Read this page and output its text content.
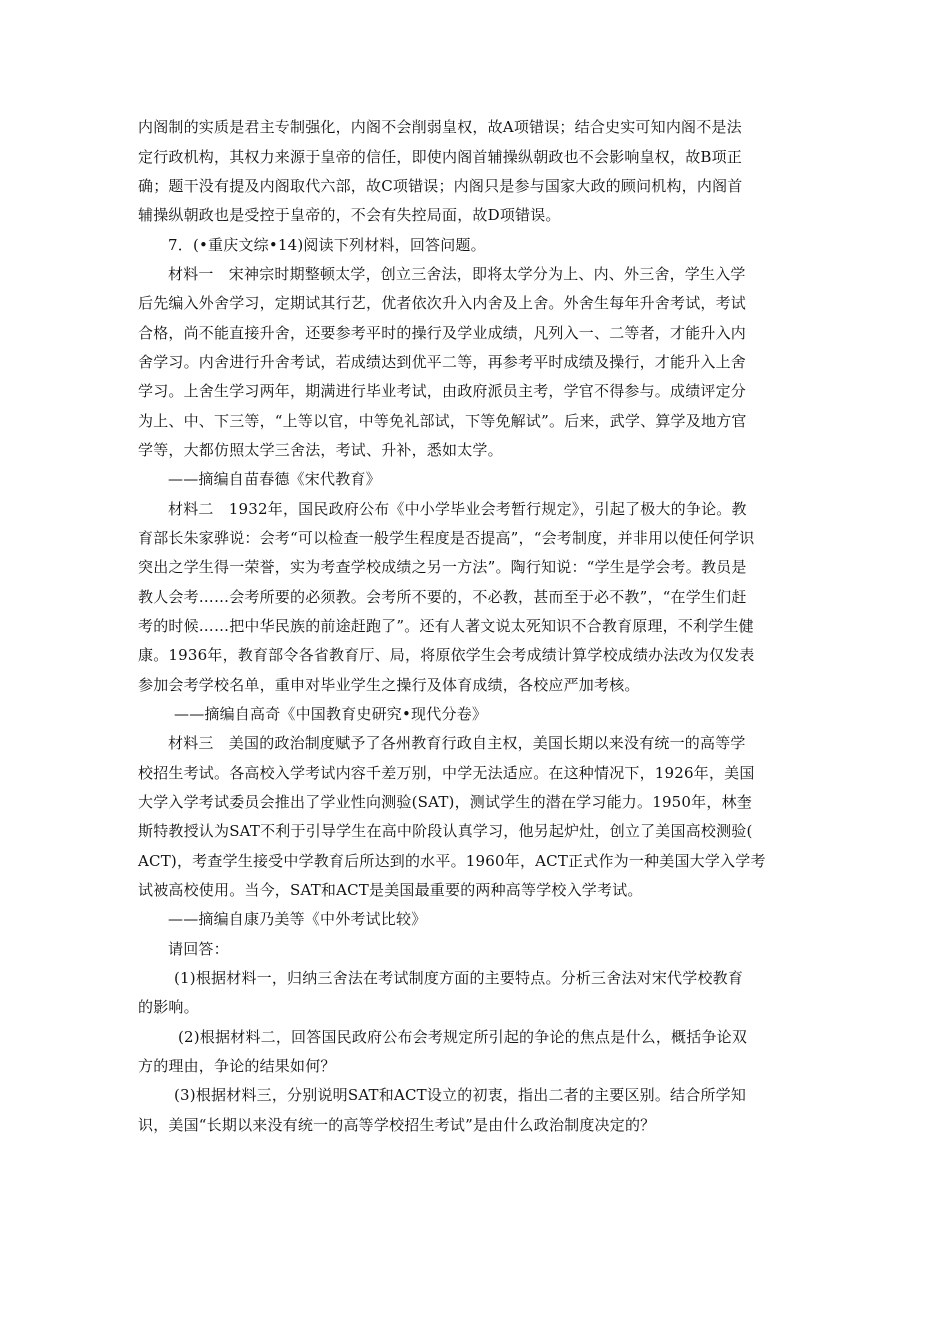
内阁制的实质是君主专制强化，内阁不会削弱皇权，故A项错误；结合史实可知内阁不是法
定行政机构，其权力来源于皇帝的信任，即使内阁首辅操纵朝政也不会影响皇权，故B项正
确；题干没有提及内阁取代六部，故C项错误；内阁只是参与国家大政的顾问机构，内阁首
辅操纵朝政也是受控于皇帝的，不会有失控局面，故D项错误。
7．(•重庆文综•14)阅读下列材料，回答问题。
材料一　宋神宗时期整顿太学，创立三舍法，即将太学分为上、内、外三舍，学生入学
后先编入外舍学习，定期试其行艺，优者依次升入内舍及上舍。外舍生每年升舍考试，考试
合格，尚不能直接升舍，还要参考平时的操行及学业成绩，凡列入一、二等者，才能升入内
舍学习。内舍进行升舍考试，若成绩达到优平二等，再参考平时成绩及操行，才能升入上舍
学习。上舍生学习两年，期满进行毕业考试，由政府派员主考，学官不得参与。成绩评定分
为上、中、下三等，“上等以官，中等免礼部试，下等免解试”。后来，武学、算学及地方官
学等，大都仿照太学三舍法，考试、升补，悉如太学。
——摘编自苗春德《宋代教育》
材料二　1932年，国民政府公布《中小学毕业会考暂行规定》，引起了极大的争论。教
育部长朱家骅说：会考“可以检查一般学生程度是否提高”，“会考制度，并非用以使任何学识
突出之学生得一荣誉，实为考查学校成绩之另一方法”。陶行知说：“学生是学会考。教员是
教人会考……会考所要的必须教。会考所不要的，不必教，甚而至于必不教”，“在学生们赶
考的时候……把中华民族的前途赶跑了”。还有人著文说太死知识不合教育原理，不利学生健
康。1936年，教育部令各省教育厅、局，将原依学生会考成绩计算学校成绩办法改为仅发表
参加会考学校名单，重申对毕业学生之操行及体育成绩，各校应严加考核。
——摘编自高奇《中国教育史研究•现代分卷》
材料三　美国的政治制度赋予了各州教育行政自主权，美国长期以来没有统一的高等学
校招生考试。各高校入学考试内容千差万别，中学无法适应。在这种情况下，1926年，美国
大学入学考试委员会推出了学业性向测验(SAT)，测试学生的潜在学习能力。1950年，林奎
斯特教授认为SAT不利于引导学生在高中阶段认真学习，他另起炉灶，创立了美国高校测验(
ACT)，考查学生接受中学教育后所达到的水平。1960年，ACT正式作为一种美国大学入学考
试被高校使用。当今，SAT和ACT是美国最重要的两种高等学校入学考试。
——摘编自康乃美等《中外考试比较》
请回答：
(1)根据材料一，归纳三舍法在考试制度方面的主要特点。分析三舍法对宋代学校教育
的影响。
(2)根据材料二，回答国民政府公布会考规定所引起的争论的焦点是什么，概括争论双
方的理由，争论的结果如何？
(3)根据材料三，分别说明SAT和ACT设立的初衷，指出二者的主要区别。结合所学知
识，美国“长期以来没有统一的高等学校招生考试”是由什么政治制度决定的？
